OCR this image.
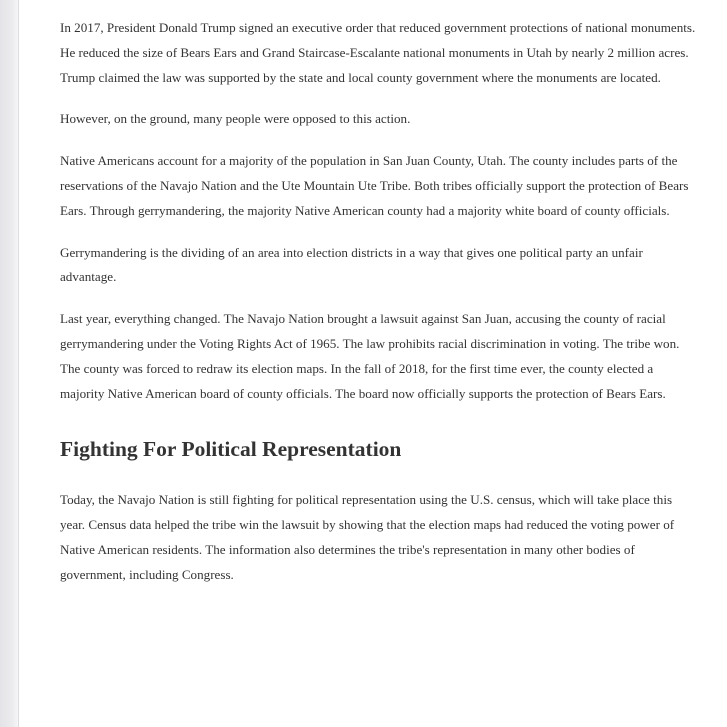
In 2017, President Donald Trump signed an executive order that reduced government protections of national monuments. He reduced the size of Bears Ears and Grand Staircase-Escalante national monuments in Utah by nearly 2 million acres. Trump claimed the law was supported by the state and local county government where the monuments are located.

However, on the ground, many people were opposed to this action.

Native Americans account for a majority of the population in San Juan County, Utah. The county includes parts of the reservations of the Navajo Nation and the Ute Mountain Ute Tribe. Both tribes officially support the protection of Bears Ears. Through gerrymandering, the majority Native American county had a majority white board of county officials.

Gerrymandering is the dividing of an area into election districts in a way that gives one political party an unfair advantage.

Last year, everything changed. The Navajo Nation brought a lawsuit against San Juan, accusing the county of racial gerrymandering under the Voting Rights Act of 1965. The law prohibits racial discrimination in voting. The tribe won. The county was forced to redraw its election maps. In the fall of 2018, for the first time ever, the county elected a majority Native American board of county officials. The board now officially supports the protection of Bears Ears.

Fighting For Political Representation

Today, the Navajo Nation is still fighting for political representation using the U.S. census, which will take place this year. Census data helped the tribe win the lawsuit by showing that the election maps had reduced the voting power of Native American residents. The information also determines the tribe's representation in many other bodies of government, including Congress.
